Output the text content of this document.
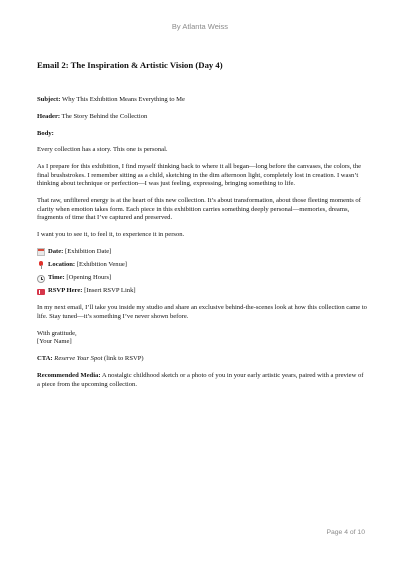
By Atlanta Weiss
Email 2: The Inspiration & Artistic Vision (Day 4)

Subject: Why This Exhibition Means Everything to Me

Header: The Story Behind the Collection

Body:

Every collection has a story. This one is personal.

As I prepare for this exhibition, I find myself thinking back to where it all began—long before the canvases, the colors, the final brushstrokes. I remember sitting as a child, sketching in the dim afternoon light, completely lost in creation. I wasn’t thinking about technique or perfection—I was just feeling, expressing, bringing something to life.

That raw, unfiltered energy is at the heart of this new collection. It’s about transformation, about those fleeting moments of clarity when emotion takes form. Each piece in this exhibition carries something deeply personal—memories, dreams, fragments of time that I’ve captured and preserved.

I want you to see it, to feel it, to experience it in person.

Date:
[Exhibition Date]
Location:
[Exhibition Venue]
Time:
[Opening Hours]
RSVP Here:
[Insert RSVP Link]

In my next email, I’ll take you inside my studio and share an exclusive behind-the-scenes look at how this collection came to life. Stay tuned—it’s something I’ve never shown before.

With gratitude,
[Your Name]

CTA: Reserve Your Spot (link to RSVP)

Recommended Media: A nostalgic childhood sketch or a photo of you in your early artistic years, paired with a preview of a piece from the upcoming collection.

Page 4 of 10
